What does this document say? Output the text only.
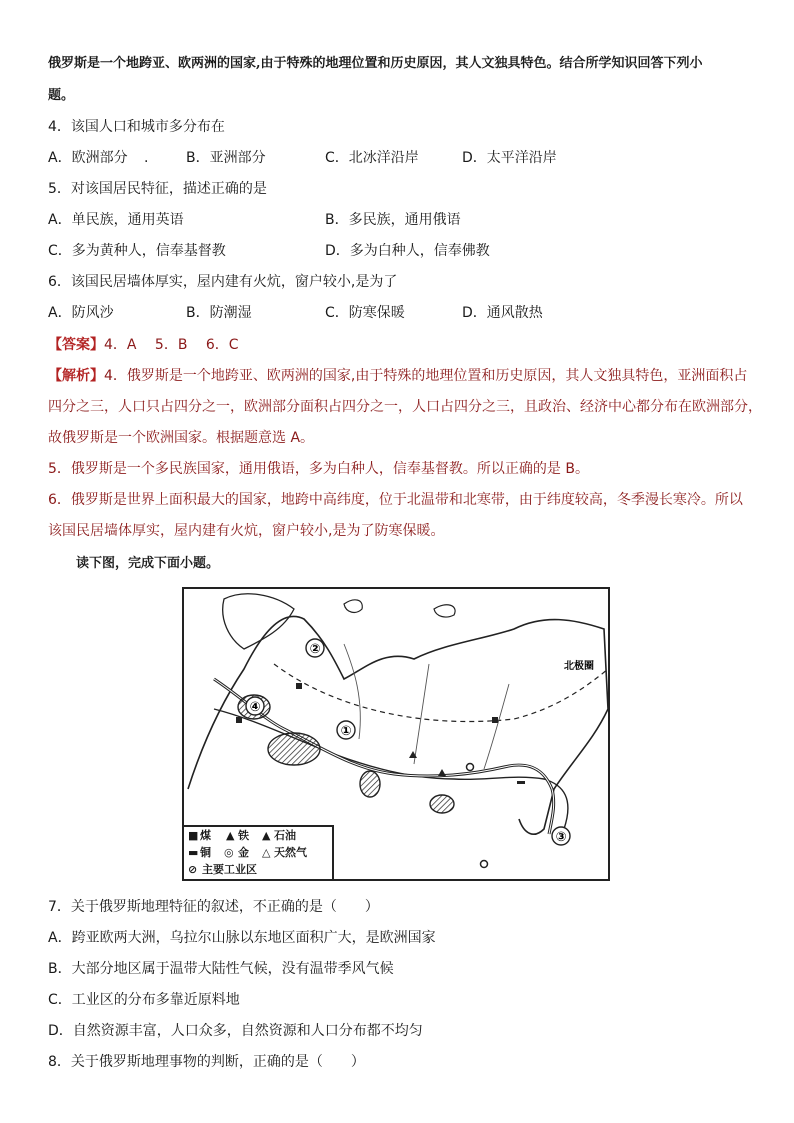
俄罗斯是一个地跨亚、欧两洲的国家,由于特殊的地理位置和历史原因，其人文独具特色。结合所学知识回答下列小
题。
4．该国人口和城市多分布在
A．欧洲部分 .	B．亚洲部分	C．北冰洋沿岸	D．太平洋沿岸
5．对该国居民特征，描述正确的是
A．单民族，通用英语	B．多民族，通用俄语
C．多为黄种人，信奉基督教	D．多为白种人，信奉佛教
6．该国民居墙体厚实，屋内建有火炕，窗户较小,是为了
A．防风沙	B．防潮湿	C．防寒保暖	D．通风散热
【答案】4．A　 5．B　 6．C
【解析】4．俄罗斯是一个地跨亚、欧两洲的国家,由于特殊的地理位置和历史原因，其人文独具特色，亚洲面积占
四分之三，人口只占四分之一，欧洲部分面积占四分之一，人口占四分之三，且政治、经济中心都分布在欧洲部分，
故俄罗斯是一个欧洲国家。根据题意选 A。
5．俄罗斯是一个多民族国家，通用俄语，多为白种人，信奉基督教。所以正确的是 B。
6．俄罗斯是世界上面积最大的国家，地跨中高纬度，位于北温带和北寒带，由于纬度较高，冬季漫长寒冷。所以
该国民居墙体厚实，屋内建有火炕，窗户较小,是为了防寒保暖。
读下图，完成下面小题。
①
②
③
④
北极圈
■ 煤 ▲ 铁 ▲ 石油
▬ 铜 ◎ 金 △ 天然气
⊘ 主要工业区
7．关于俄罗斯地理特征的叙述，不正确的是（　　）
A．跨亚欧两大洲，乌拉尔山脉以东地区面积广大，是欧洲国家
B．大部分地区属于温带大陆性气候，没有温带季风气候
C．工业区的分布多靠近原料地
D．自然资源丰富，人口众多，自然资源和人口分布都不均匀
8．关于俄罗斯地理事物的判断，正确的是（　　）
